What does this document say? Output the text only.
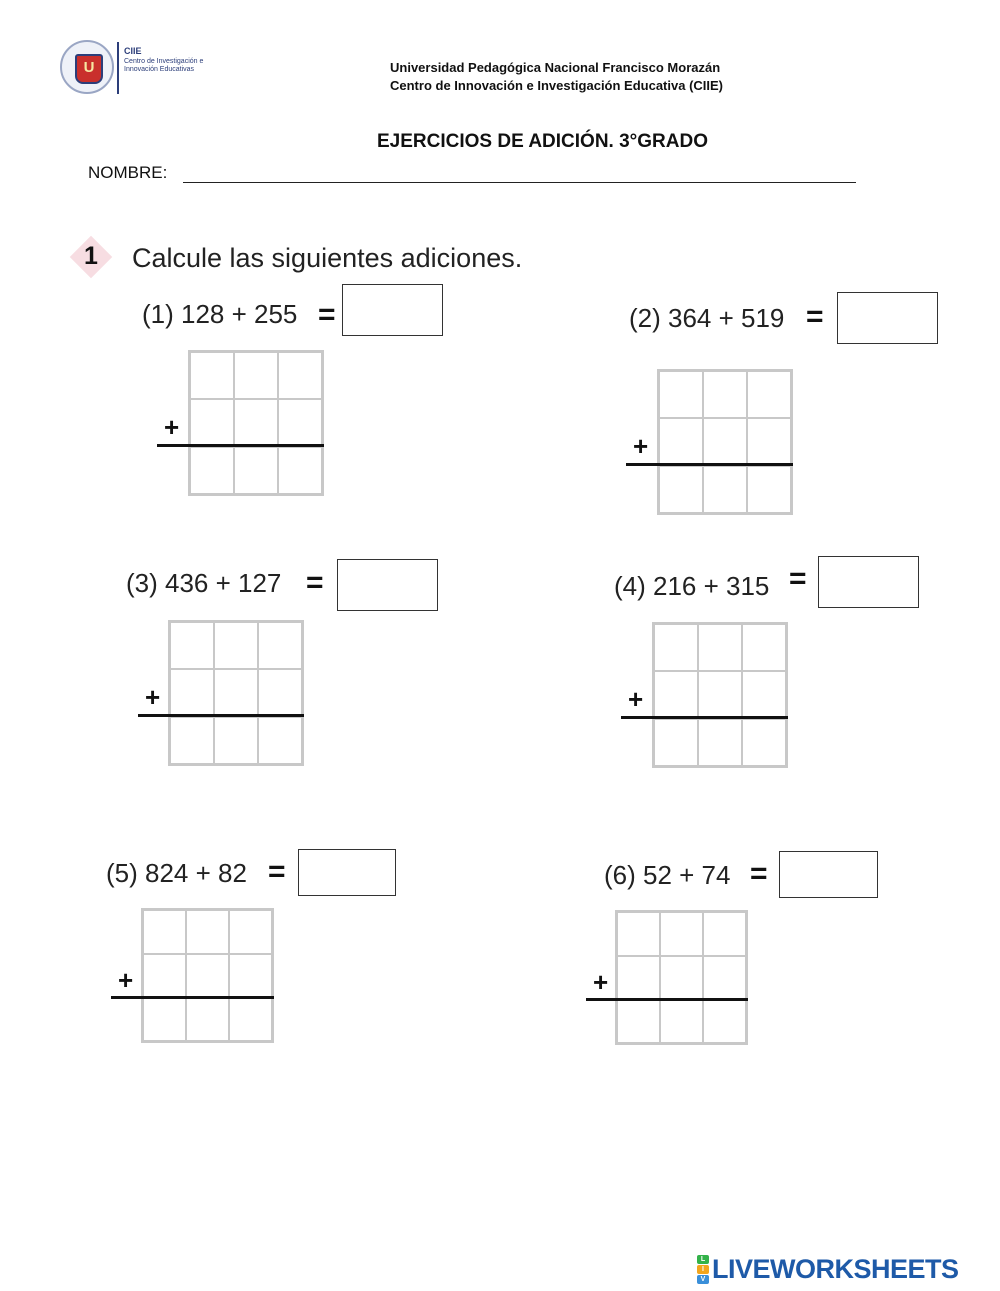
U
CIIE
Centro de Investigación e Innovación Educativas	Universidad Pedagógica Nacional Francisco Morazán
Centro de Innovación e Investigación Educativa (CIIE)
EJERCICIOS DE ADICIÓN. 3°GRADO
NOMBRE:
1 Calcule las siguientes adiciones.
(1) 128 + 255 =
+
(2) 364 + 519 =
+
(3) 436 + 127 =
+
(4) 216 + 315 =
+
(5) 824 + 82 =
+
(6) 52 + 74 =
+
L
I
V LIVEWORKSHEETS
